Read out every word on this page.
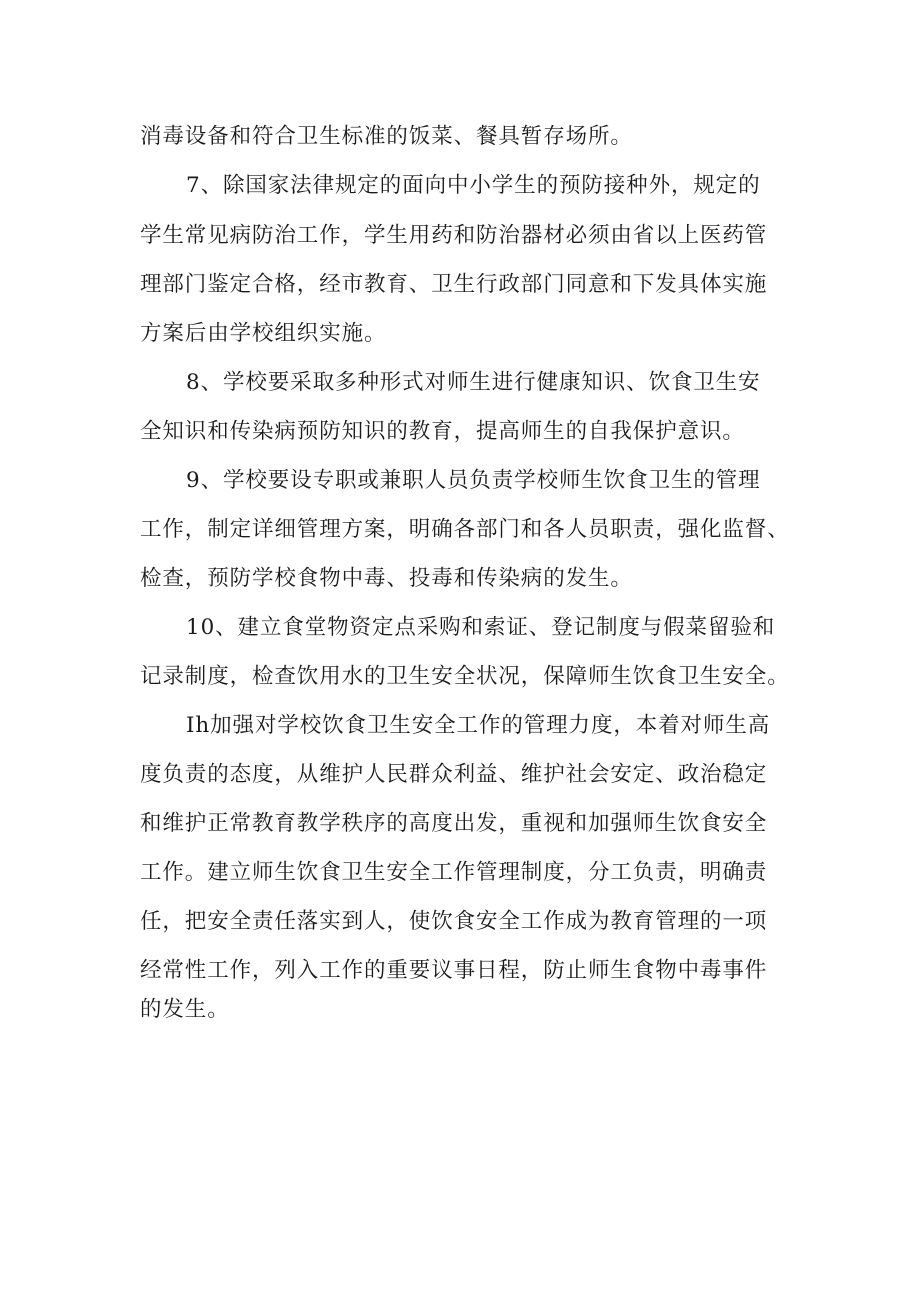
消毒设备和符合卫生标准的饭菜、餐具暂存场所。

7、除国家法律规定的面向中小学生的预防接种外，规定的

学生常见病防治工作，学生用药和防治器材必须由省以上医药管

理部门鉴定合格，经市教育、卫生行政部门同意和下发具体实施

方案后由学校组织实施。

8、学校要采取多种形式对师生进行健康知识、饮食卫生安

全知识和传染病预防知识的教育，提高师生的自我保护意识。

9、学校要设专职或兼职人员负责学校师生饮食卫生的管理

工作，制定详细管理方案，明确各部门和各人员职责，强化监督、

检查，预防学校食物中毒、投毒和传染病的发生。

10、建立食堂物资定点采购和索证、登记制度与假菜留验和

记录制度，检查饮用水的卫生安全状况，保障师生饮食卫生安全。

Ih加强对学校饮食卫生安全工作的管理力度，本着对师生高

度负责的态度，从维护人民群众利益、维护社会安定、政治稳定

和维护正常教育教学秩序的高度出发，重视和加强师生饮食安全

工作。建立师生饮食卫生安全工作管理制度，分工负责，明确责

任，把安全责任落实到人，使饮食安全工作成为教育管理的一项

经常性工作，列入工作的重要议事日程，防止师生食物中毒事件

的发生。
